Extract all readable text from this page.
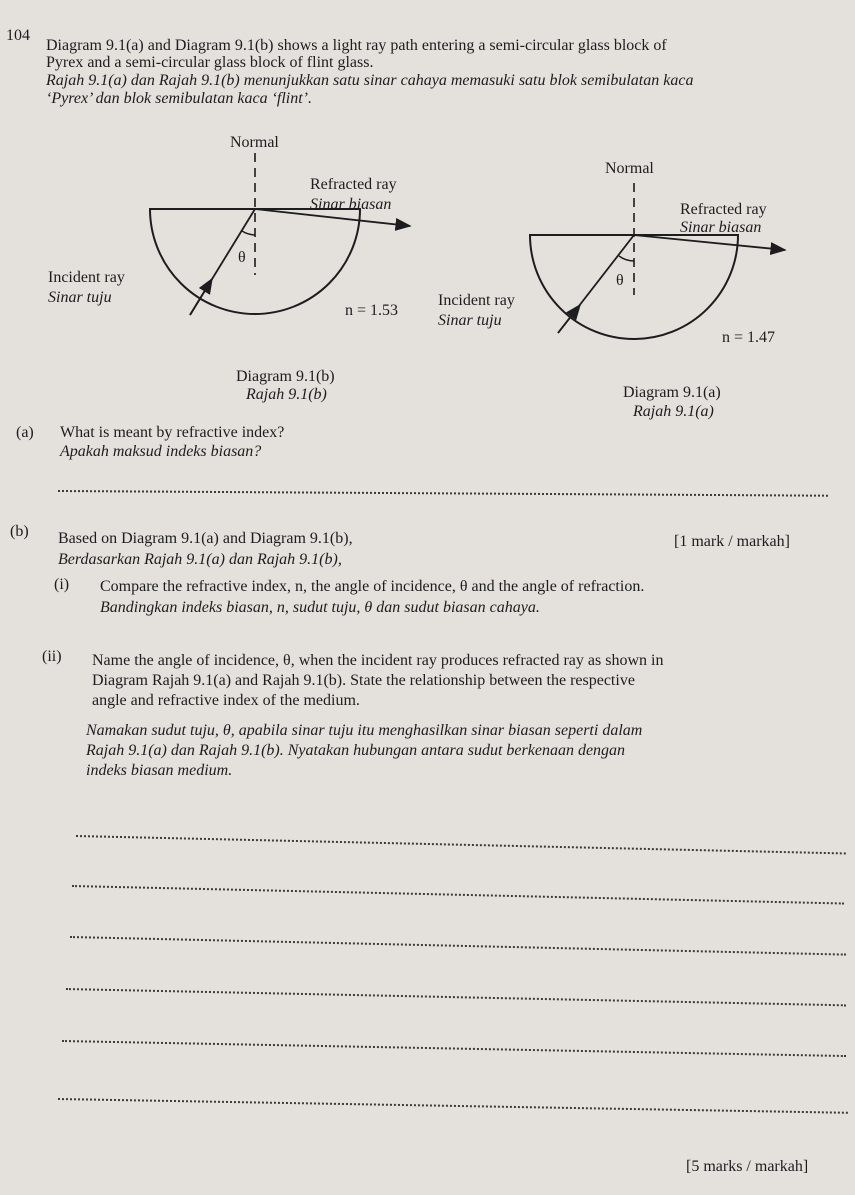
104
Diagram 9.1(a) and Diagram 9.1(b) shows a light ray path entering a semi-circular glass block of
Pyrex and a semi-circular glass block of flint glass.
Rajah 9.1(a) dan Rajah 9.1(b) menunjukkan satu sinar cahaya memasuki satu blok semibulatan kaca
‘Pyrex’ dan blok semibulatan kaca ‘flint’.
Normal
θ
Refracted ray
Sinar biasan
Incident ray
Sinar tuju
n = 1.53
Normal
θ
Refracted ray
Sinar biasan
Incident ray
Sinar tuju
n = 1.47
Diagram 9.1(b)
Rajah 9.1(b)	Diagram 9.1(a)
Rajah 9.1(a)
(a) What is meant by refractive index?
Apakah maksud indeks biasan?
[1 mark / markah]
(b) Based on Diagram 9.1(a) and Diagram 9.1(b),
Berdasarkan Rajah 9.1(a) dan Rajah 9.1(b),
(i) Compare the refractive index, n, the angle of incidence, θ and the angle of refraction.
Bandingkan indeks biasan, n, sudut tuju, θ dan sudut biasan cahaya.
(ii) Name the angle of incidence, θ, when the incident ray produces refracted ray as shown in
Diagram Rajah 9.1(a) and Rajah 9.1(b). State the relationship between the respective
angle and refractive index of the medium.
Namakan sudut tuju, θ, apabila sinar tuju itu menghasilkan sinar biasan seperti dalam
Rajah 9.1(a) dan Rajah 9.1(b). Nyatakan hubungan antara sudut berkenaan dengan
indeks biasan medium.
[5 marks / markah]
